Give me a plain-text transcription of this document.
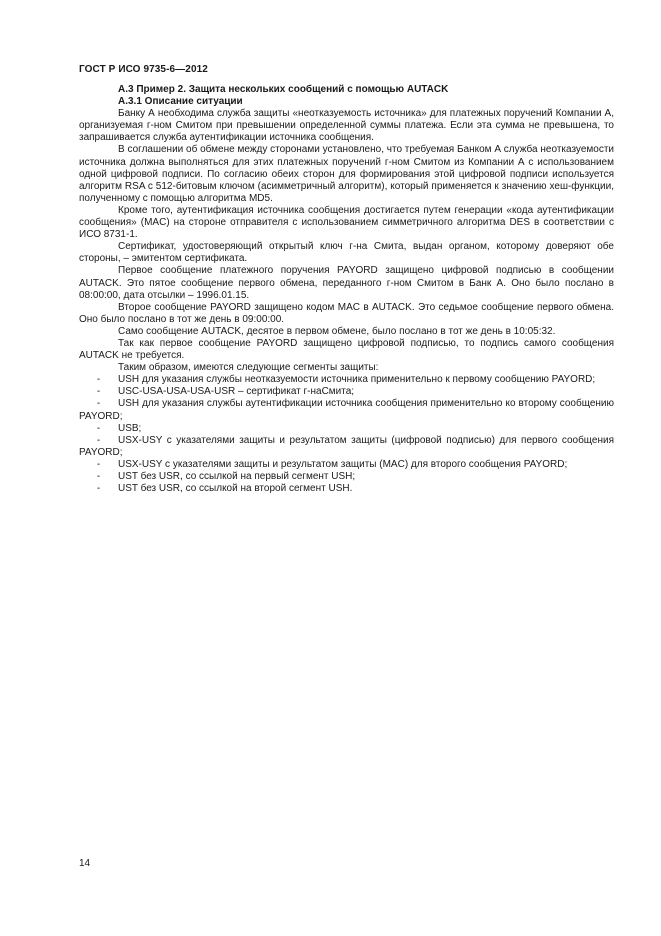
ГОСТ Р ИСО 9735-6—2012

А.3 Пример 2. Защита нескольких сообщений с помощью AUTACK

А.3.1 Описание ситуации

Банку А необходима служба защиты «неотказуемость источника» для платежных поручений Компании А, организуемая г-ном Смитом при превышении определенной суммы платежа. Если эта сумма не превышена, то запрашивается служба аутентификации источника сообщения.

В соглашении об обмене между сторонами установлено, что требуемая Банком А служба неотказуемости источника должна выполняться для этих платежных поручений г-ном Смитом из Компании А с использованием одной цифровой подписи. По согласию обеих сторон для формирования этой цифровой подписи используется алгоритм RSA с 512-битовым ключом (асимметричный алгоритм), который применяется к значению хеш-функции, полученному с помощью алгоритма MD5.

Кроме того, аутентификация источника сообщения достигается путем генерации «кода аутентификации сообщения» (MAC) на стороне отправителя с использованием симметричного алгоритма DES в соответствии с ИСО 8731-1.

Сертификат, удостоверяющий открытый ключ г-на Смита, выдан органом, которому доверяют обе стороны, – эмитентом сертификата.

Первое сообщение платежного поручения PAYORD защищено цифровой подписью в сообщении AUTACK. Это пятое сообщение первого обмена, переданного г-ном Смитом в Банк А. Оно было послано в 08:00:00, дата отсылки – 1996.01.15.

Второе сообщение PAYORD защищено кодом MAC в AUTACK. Это седьмое сообщение первого обмена. Оно было послано в тот же день в 09:00:00.

Само сообщение AUTACK, десятое в первом обмене, было послано в тот же день в 10:05:32.

Так как первое сообщение PAYORD защищено цифровой подписью, то подпись самого сообщения AUTACK не требуется.

Таким образом, имеются следующие сегменты защиты:

- USH для указания службы неотказуемости источника применительно к первому сообщению PAYORD;

- USC-USA-USA-USA-USR – сертификат г-наСмита;

- USH для указания службы аутентификации источника сообщения применительно ко второму сообщению PAYORD;

- USB;

- USX-USY с указателями защиты и результатом защиты (цифровой подписью) для первого сообщения PAYORD;

- USX-USY с указателями защиты и результатом защиты (MAC) для второго сообщения PAYORD;

- UST без USR, со ссылкой на первый сегмент USH;

- UST без USR, со ссылкой на второй сегмент USH.

14
